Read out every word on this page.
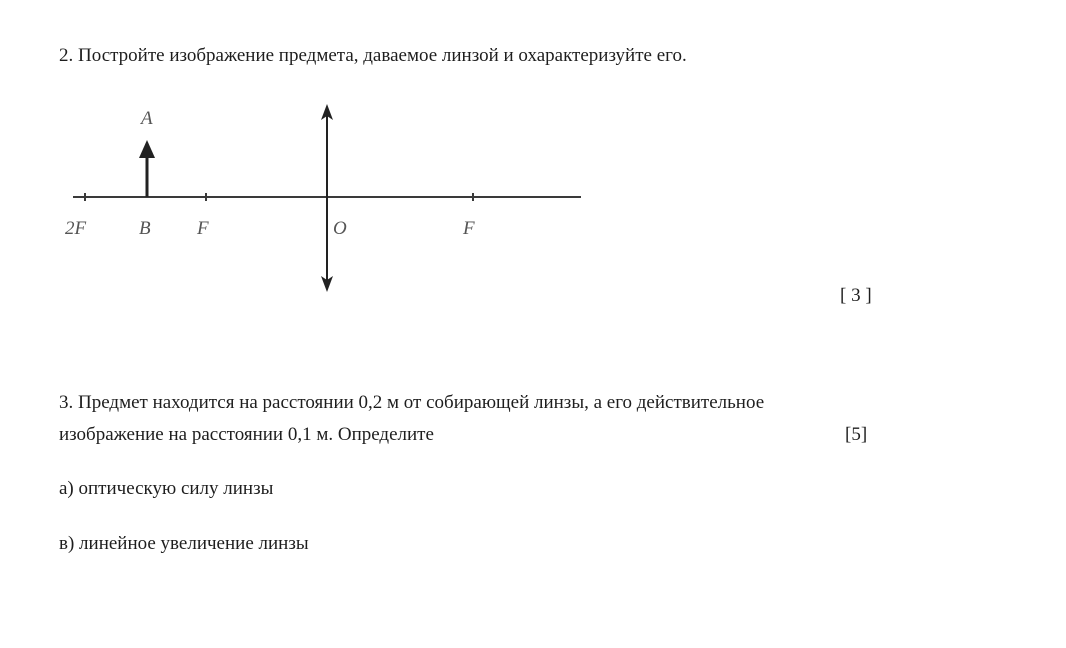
2. Постройте изображение предмета, даваемое линзой и охарактеризуйте его.
A
2F	B F	O	F
[ 3 ]
3. Предмет находится на расстоянии 0,2 м от собирающей линзы, а его действительное
изображение на расстоянии 0,1 м. Определите	[5]
а) оптическую силу линзы
в) линейное увеличение линзы
